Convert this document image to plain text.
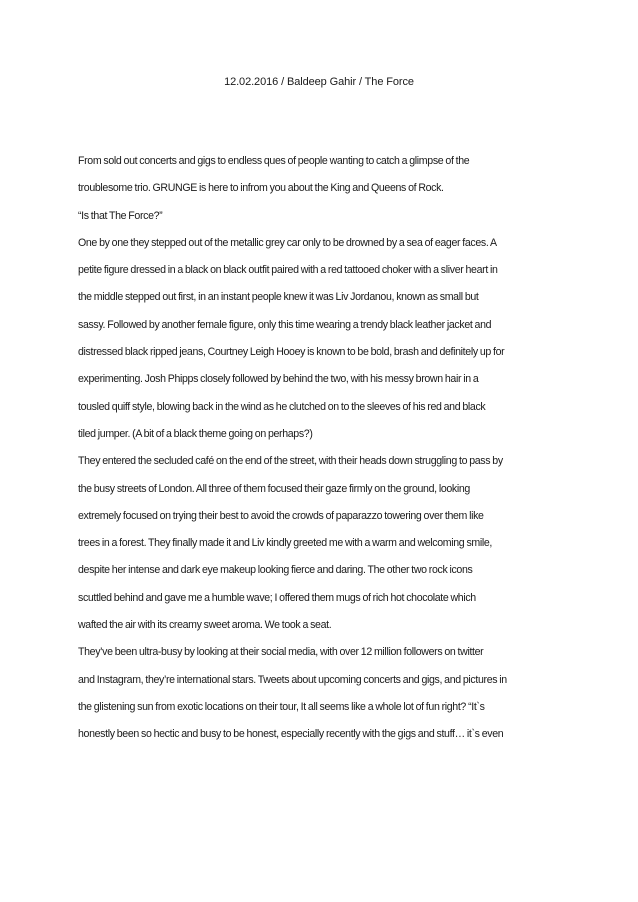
12.02.2016 / Baldeep Gahir / The Force
From sold out concerts and gigs to endless ques of people wanting to catch a glimpse of the
troublesome trio. GRUNGE is here to infrom you about the King and Queens of Rock.
“Is that The Force?”
One by one they stepped out of the metallic grey car only to be drowned by a sea of eager faces. A
petite figure dressed in a black on black outfit paired with a red tattooed choker with a sliver heart in
the middle stepped out first, in an instant people knew it was Liv Jordanou, known as small but
sassy. Followed by another female figure, only this time wearing a trendy black leather jacket and
distressed black ripped jeans, Courtney Leigh Hooey is known to be bold, brash and definitely up for
experimenting. Josh Phipps closely followed by behind the two, with his messy brown hair in a
tousled quiff style, blowing back in the wind as he clutched on to the sleeves of his red and black
tiled jumper. (A bit of a black theme going on perhaps?)
They entered the secluded café on the end of the street, with their heads down struggling to pass by
the busy streets of London. All three of them focused their gaze firmly on the ground, looking
extremely focused on trying their best to avoid the crowds of paparazzo towering over them like
trees in a forest. They finally made it and Liv kindly greeted me with a warm and welcoming smile,
despite her intense and dark eye makeup looking fierce and daring. The other two rock icons
scuttled behind and gave me a humble wave; I offered them mugs of rich hot chocolate which
wafted the air with its creamy sweet aroma. We took a seat.
They’ve been ultra-busy by looking at their social media, with over 12 million followers on twitter
and Instagram, they’re international stars. Tweets about upcoming concerts and gigs, and pictures in
the glistening sun from exotic locations on their tour, It all seems like a whole lot of fun right? “It`s
honestly been so hectic and busy to be honest, especially recently with the gigs and stuff… it`s even
